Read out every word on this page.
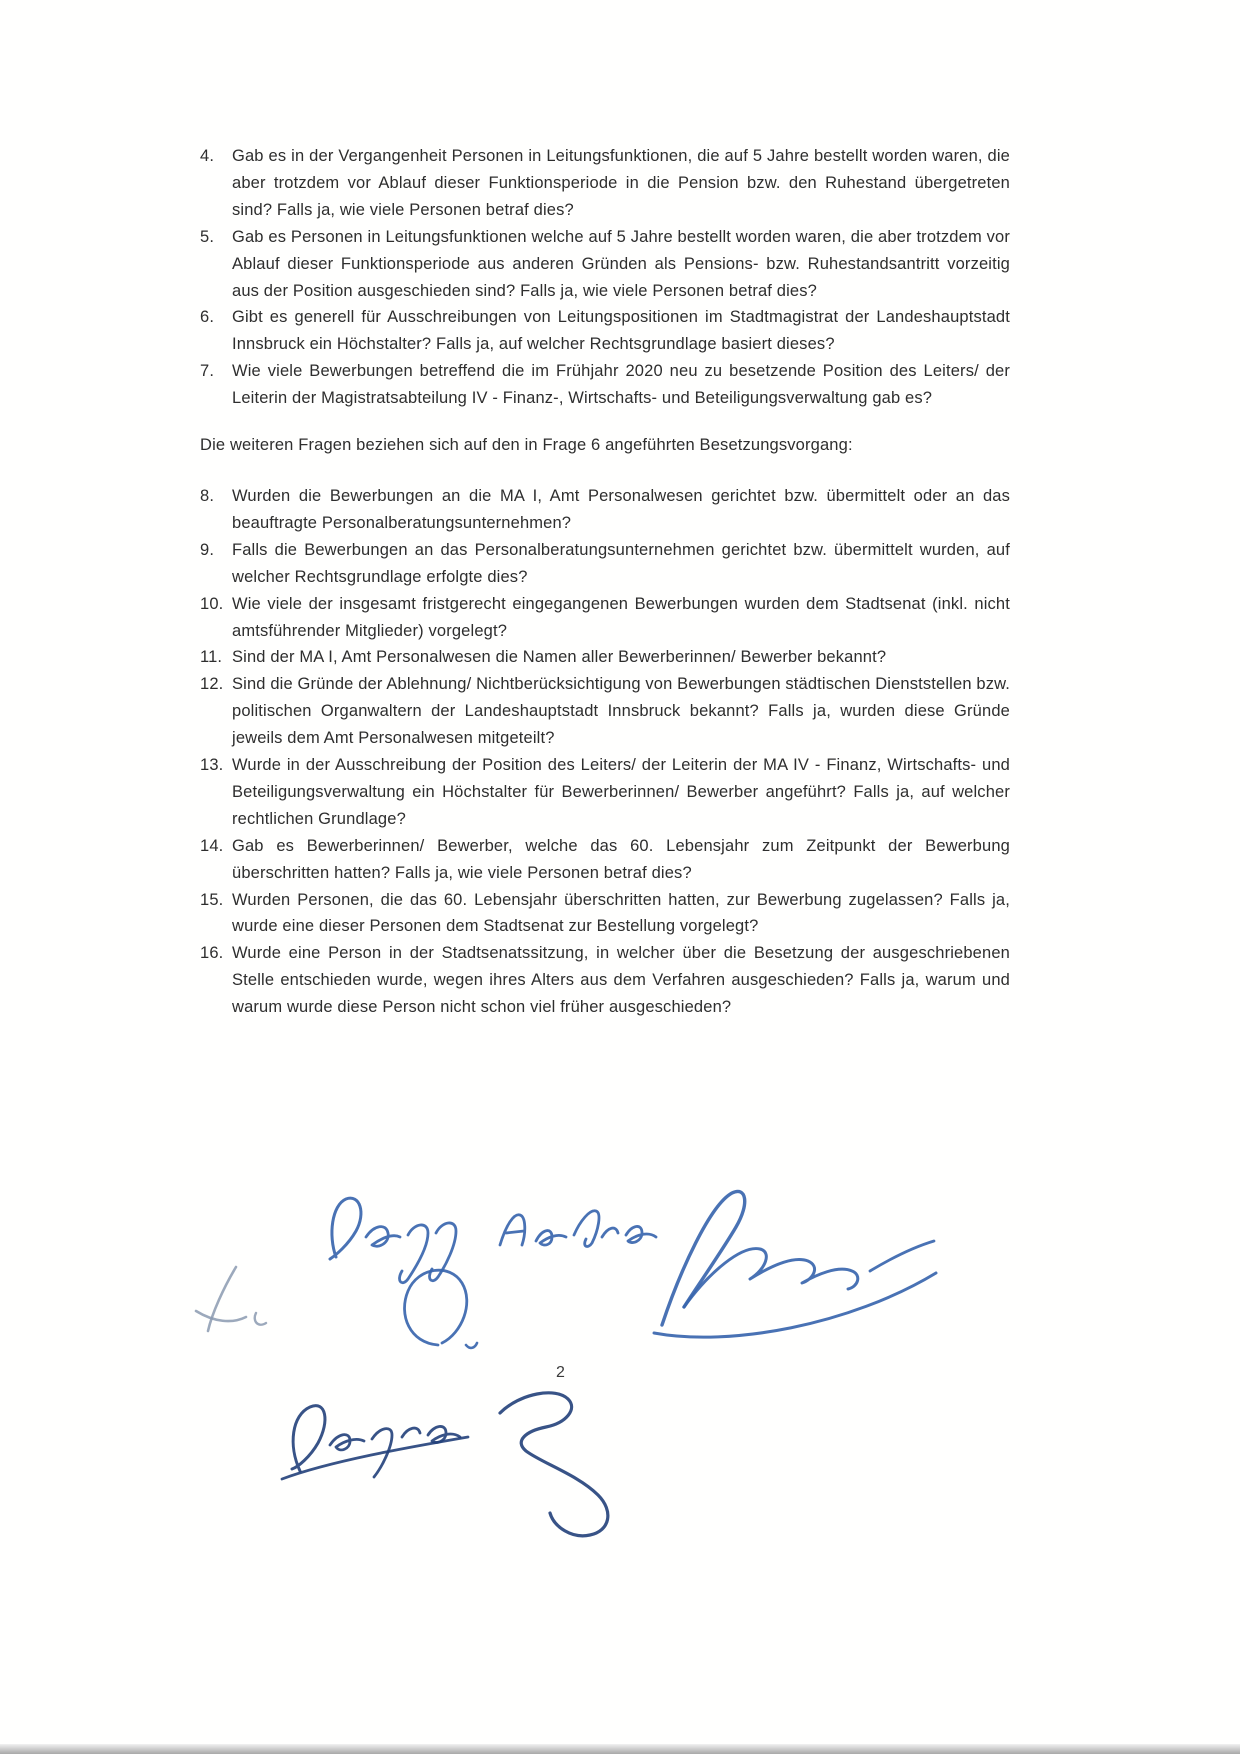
4.	Gab es in der Vergangenheit Personen in Leitungsfunktionen, die auf 5 Jahre bestellt worden waren, die aber trotzdem vor Ablauf dieser Funktionsperiode in die Pension bzw. den Ruhestand übergetreten sind? Falls ja, wie viele Personen betraf dies?
5.	Gab es Personen in Leitungsfunktionen welche auf 5 Jahre bestellt worden waren, die aber trotzdem vor Ablauf dieser Funktionsperiode aus anderen Gründen als Pensions- bzw. Ruhestandsantritt vorzeitig aus der Position ausgeschieden sind? Falls ja, wie viele Personen betraf dies?
6.	Gibt es generell für Ausschreibungen von Leitungspositionen im Stadtmagistrat der Landeshauptstadt Innsbruck ein Höchstalter? Falls ja, auf welcher Rechtsgrundlage basiert dieses?
7.	Wie viele Bewerbungen betreffend die im Frühjahr 2020 neu zu besetzende Position des Leiters/ der Leiterin der Magistratsabteilung IV - Finanz-, Wirtschafts- und Beteiligungsverwaltung gab es?

Die weiteren Fragen beziehen sich auf den in Frage 6 angeführten Besetzungsvorgang:

8.	Wurden die Bewerbungen an die MA I, Amt Personalwesen gerichtet bzw. übermittelt oder an das beauftragte Personalberatungsunternehmen?
9.	Falls die Bewerbungen an das Personalberatungsunternehmen gerichtet bzw. übermittelt wurden, auf welcher Rechtsgrundlage erfolgte dies?
10. Wie viele der insgesamt fristgerecht eingegangenen Bewerbungen wurden dem Stadtsenat (inkl. nicht amtsführender Mitglieder) vorgelegt?
11. Sind der MA I, Amt Personalwesen die Namen aller Bewerberinnen/ Bewerber bekannt?
12. Sind die Gründe der Ablehnung/ Nichtberücksichtigung von Bewerbungen städtischen Dienststellen bzw. politischen Organwaltern der Landeshauptstadt Innsbruck bekannt? Falls ja, wurden diese Gründe jeweils dem Amt Personalwesen mitgeteilt?
13. Wurde in der Ausschreibung der Position des Leiters/ der Leiterin der MA IV - Finanz, Wirtschafts- und Beteiligungsverwaltung ein Höchstalter für Bewerberinnen/ Bewerber angeführt? Falls ja, auf welcher rechtlichen Grundlage?
14. Gab es Bewerberinnen/ Bewerber, welche das 60. Lebensjahr zum Zeitpunkt der Bewerbung überschritten hatten? Falls ja, wie viele Personen betraf dies?
15. Wurden Personen, die das 60. Lebensjahr überschritten hatten, zur Bewerbung zugelassen? Falls ja, wurde eine dieser Personen dem Stadtsenat zur Bestellung vorgelegt?
16. Wurde eine Person in der Stadtsenatssitzung, in welcher über die Besetzung der ausgeschriebenen Stelle entschieden wurde, wegen ihres Alters aus dem Verfahren ausgeschieden? Falls ja, warum und warum wurde diese Person nicht schon viel früher ausgeschieden?
2
